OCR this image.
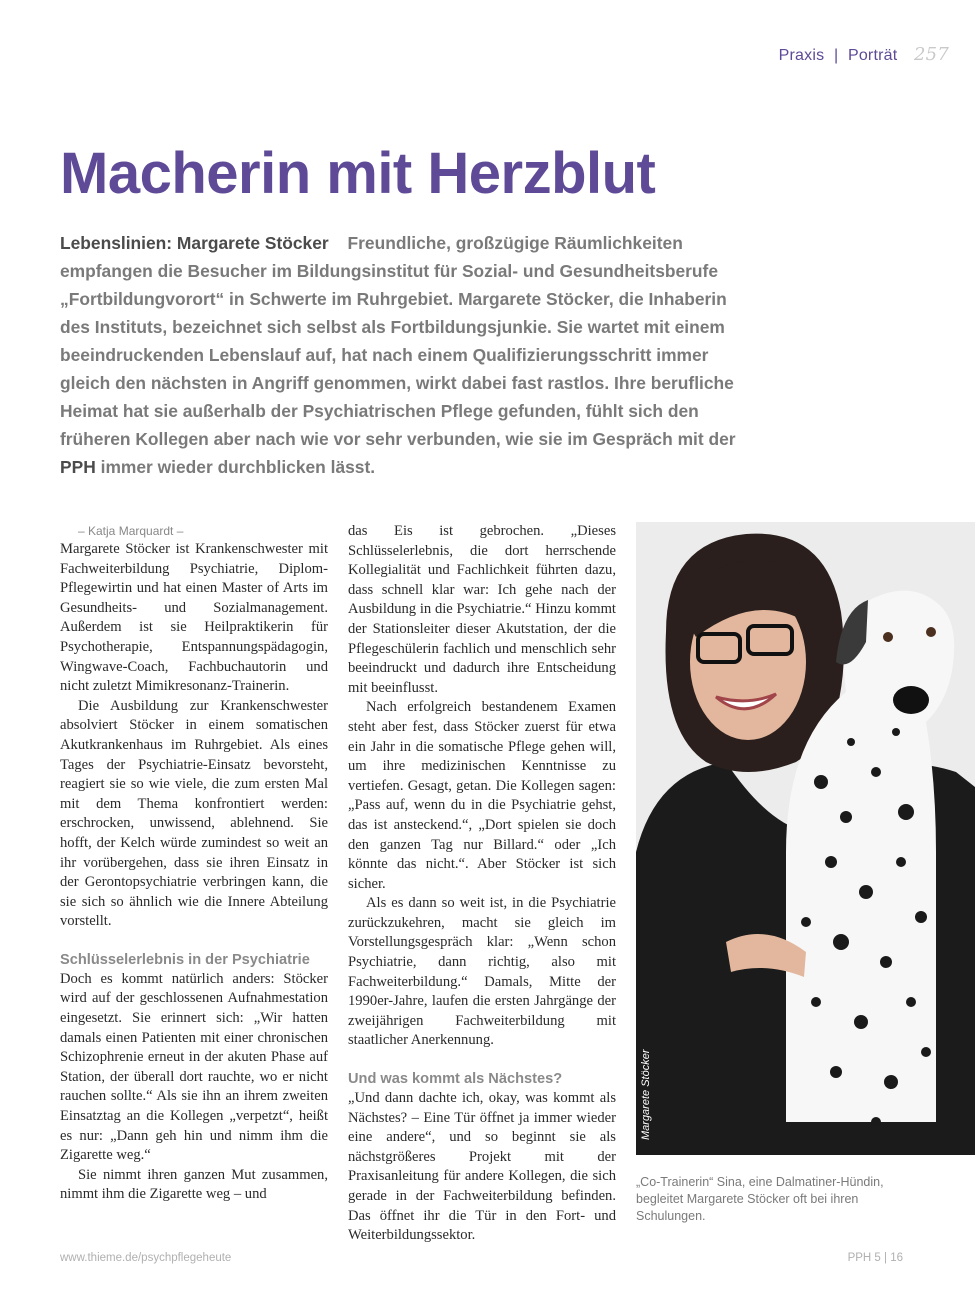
Praxis | Porträt 257
Macherin mit Herzblut

Lebenslinien: Margarete Stöcker Freundliche, großzügige Räumlichkeiten empfangen die Besucher im Bildungsinstitut für Sozial- und Gesundheitsberufe „Fortbildungvorort“ in Schwerte im Ruhrgebiet. Margarete Stöcker, die Inhaberin des Instituts, bezeichnet sich selbst als Fortbildungsjunkie. Sie wartet mit einem beeindruckenden Lebenslauf auf, hat nach einem Qualifizierungsschritt immer gleich den nächsten in Angriff genommen, wirkt dabei fast rastlos. Ihre berufliche Heimat hat sie außerhalb der Psychiatrischen Pflege gefunden, fühlt sich den früheren Kollegen aber nach wie vor sehr verbunden, wie sie im Gespräch mit der PPH immer wieder durchblicken lässt.

– Katja Marquardt –

Margarete Stöcker ist Krankenschwester mit Fachweiterbildung Psychiatrie, Diplom-Pflegewirtin und hat einen Master of Arts im Gesundheits- und Sozialmanagement. Außerdem ist sie Heilpraktikerin für Psychotherapie, Entspannungspädagogin, Wingwave-Coach, Fachbuchautorin und nicht zuletzt Mimikresonanz-Trainerin.

Die Ausbildung zur Krankenschwester absolviert Stöcker in einem somatischen Akutkrankenhaus im Ruhrgebiet. Als eines Tages der Psychiatrie-Einsatz bevorsteht, reagiert sie so wie viele, die zum ersten Mal mit dem Thema konfrontiert werden: erschrocken, unwissend, ablehnend. Sie hofft, der Kelch würde zumindest so weit an ihr vorübergehen, dass sie ihren Einsatz in der Gerontopsychiatrie verbringen kann, die sie sich so ähnlich wie die Innere Abteilung vorstellt.

Schlüsselerlebnis in der Psychiatrie

Doch es kommt natürlich anders: Stöcker wird auf der geschlossenen Aufnahmestation eingesetzt. Sie erinnert sich: „Wir hatten damals einen Patienten mit einer chronischen Schizophrenie erneut in der akuten Phase auf Station, der überall dort rauchte, wo er nicht rauchen sollte.“ Als sie ihn an ihrem zweiten Einsatztag an die Kollegen „verpetzt“, heißt es nur: „Dann geh hin und nimm ihm die Zigarette weg.“

Sie nimmt ihren ganzen Mut zusammen, nimmt ihm die Zigarette weg – und

das Eis ist gebrochen. „Dieses Schlüsselerlebnis, die dort herrschende Kollegialität und Fachlichkeit führten dazu, dass schnell klar war: Ich gehe nach der Ausbildung in die Psychiatrie.“ Hinzu kommt der Stationsleiter dieser Akutstation, der die Pflegeschülerin fachlich und menschlich sehr beeindruckt und dadurch ihre Entscheidung mit beeinflusst.

Nach erfolgreich bestandenem Examen steht aber fest, dass Stöcker zuerst für etwa ein Jahr in die somatische Pflege gehen will, um ihre medizinischen Kenntnisse zu vertiefen. Gesagt, getan. Die Kollegen sagen: „Pass auf, wenn du in die Psychiatrie gehst, das ist ansteckend.“, „Dort spielen sie doch den ganzen Tag nur Billard.“ oder „Ich könnte das nicht.“. Aber Stöcker ist sich sicher.

Als es dann so weit ist, in die Psychiatrie zurückzukehren, macht sie gleich im Vorstellungsgespräch klar: „Wenn schon Psychiatrie, dann richtig, also mit Fachweiterbildung.“ Damals, Mitte der 1990er-Jahre, laufen die ersten Jahrgänge der zweijährigen Fachweiterbildung mit staatlicher Anerkennung.

Und was kommt als Nächstes?

„Und dann dachte ich, okay, was kommt als Nächstes? – Eine Tür öffnet ja immer wieder eine andere“, und so beginnt sie als nächstgrößeres Projekt mit der Praxisanleitung für andere Kollegen, die sich gerade in der Fachweiterbildung befinden. Das öffnet ihr die Tür in den Fort- und Weiterbildungssektor.

Margarete Stöcker
„Co-Trainerin“ Sina, eine Dalmatiner-Hündin, begleitet Margarete Stöcker oft bei ihren Schulungen.
www.thieme.de/psychpflegeheute	PPH 5 | 16
